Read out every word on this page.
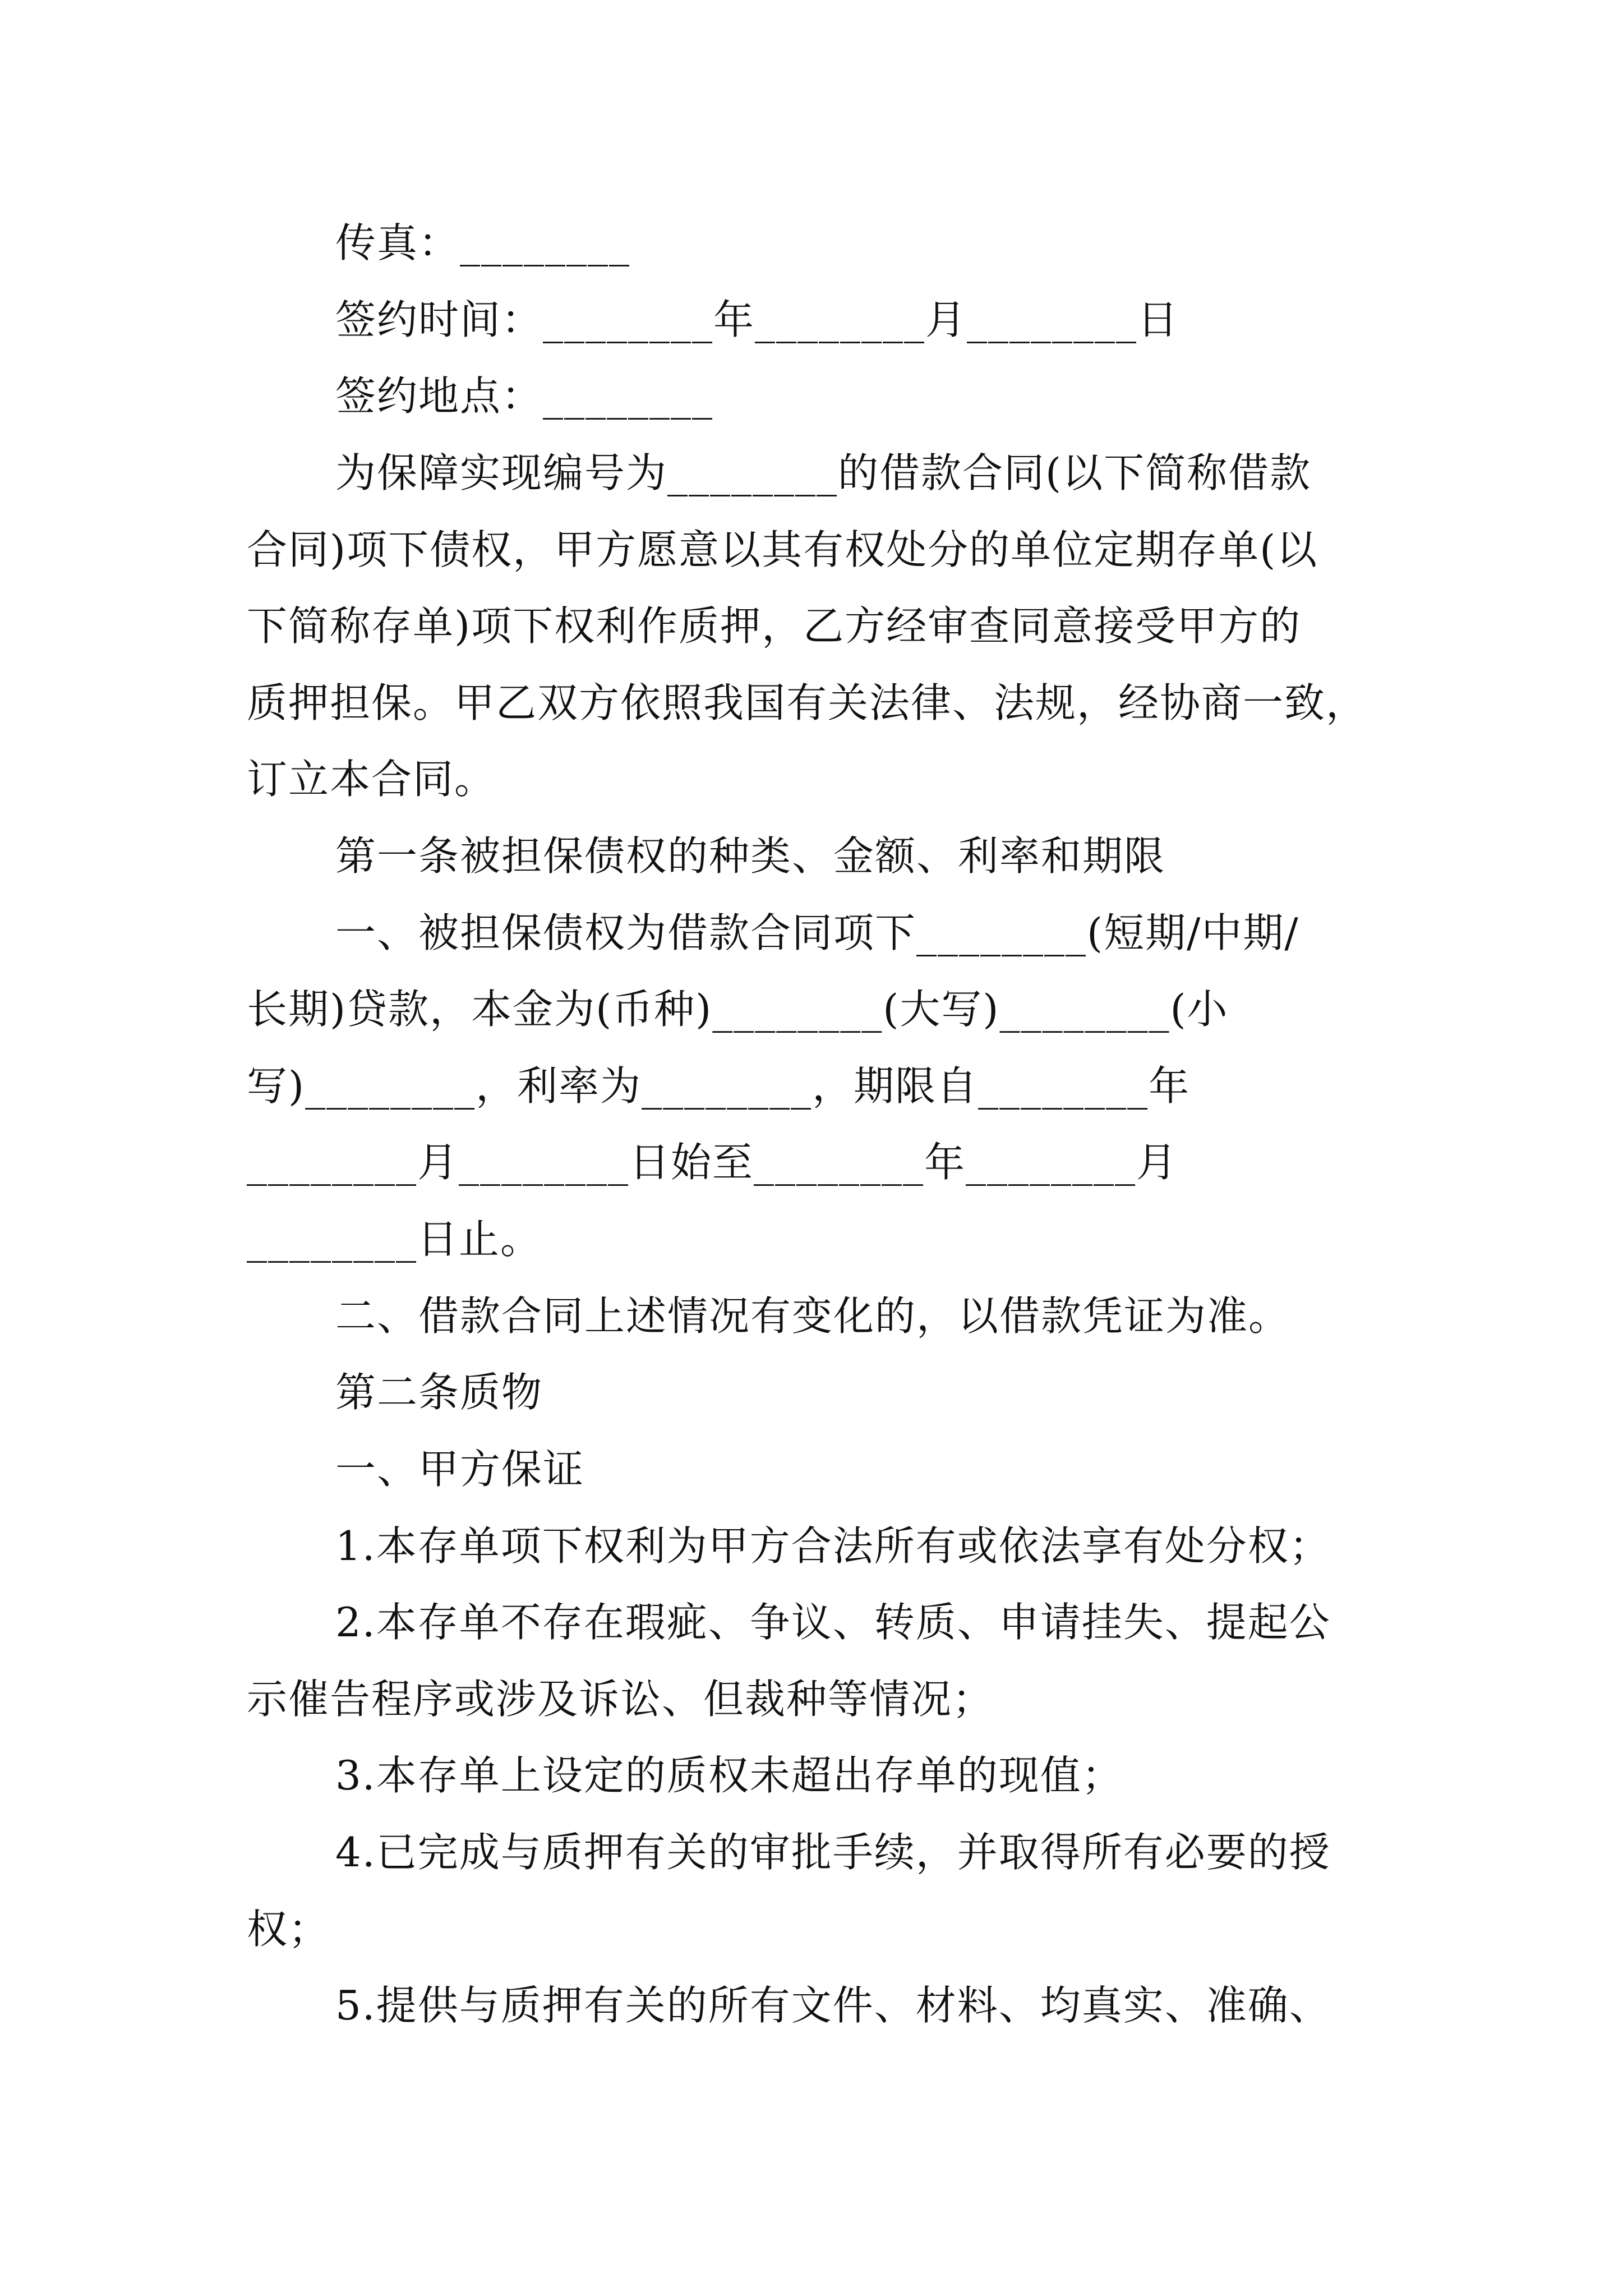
传真：________
签约时间：________年________月________日
签约地点：________
为保障实现编号为________的借款合同(以下简称借款
合同)项下债权，甲方愿意以其有权处分的单位定期存单(以
下简称存单)项下权利作质押，乙方经审查同意接受甲方的
质押担保。甲乙双方依照我国有关法律、法规，经协商一致，
订立本合同。
第一条被担保债权的种类、金额、利率和期限
一、被担保债权为借款合同项下________(短期/中期/
长期)贷款，本金为(币种)________(大写)________(小
写)________，利率为________，期限自________年
________月________日始至________年________月
________日止。
二、借款合同上述情况有变化的，以借款凭证为准。
第二条质物
一、甲方保证
1.本存单项下权利为甲方合法所有或依法享有处分权；
2.本存单不存在瑕疵、争议、转质、申请挂失、提起公
示催告程序或涉及诉讼、但裁种等情况；
3.本存单上设定的质权未超出存单的现值；
4.已完成与质押有关的审批手续，并取得所有必要的授
权；
5.提供与质押有关的所有文件、材料、均真实、准确、
